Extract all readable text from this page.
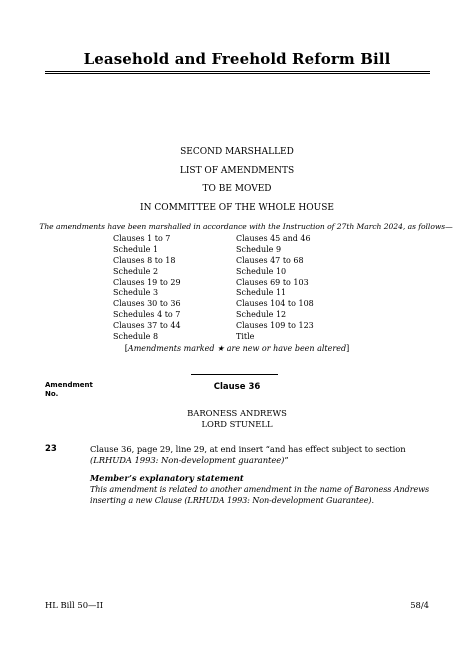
Leasehold and Freehold Reform Bill
SECOND MARSHALLED
LIST OF AMENDMENTS
TO BE MOVED
IN COMMITTEE OF THE WHOLE HOUSE
The amendments have been marshalled in accordance with the Instruction of 27th March 2024, as follows—
Clauses 1 to 7
Schedule 1
Clauses 8 to 18
Schedule 2
Clauses 19 to 29
Schedule 3
Clauses 30 to 36
Schedules 4 to 7
Clauses 37 to 44
Schedule 8
Clauses 45 and 46
Schedule 9
Clauses 47 to 68
Schedule 10
Clauses 69 to 103
Schedule 11
Clauses 104 to 108
Schedule 12
Clauses 109 to 123
Title
[Amendments marked ★ are new or have been altered]
Amendment
No.
Clause 36
BARONESS ANDREWS
LORD STUNELL
23	Clause 36, page 29, line 29, at end insert “and has effect subject to section (LRHUDA 1993: Non-development guarantee)”
Member’s explanatory statement
This amendment is related to another amendment in the name of Baroness Andrews inserting a new Clause (LRHUDA 1993: Non-development Guarantee).
HL Bill 50—II	58/4
